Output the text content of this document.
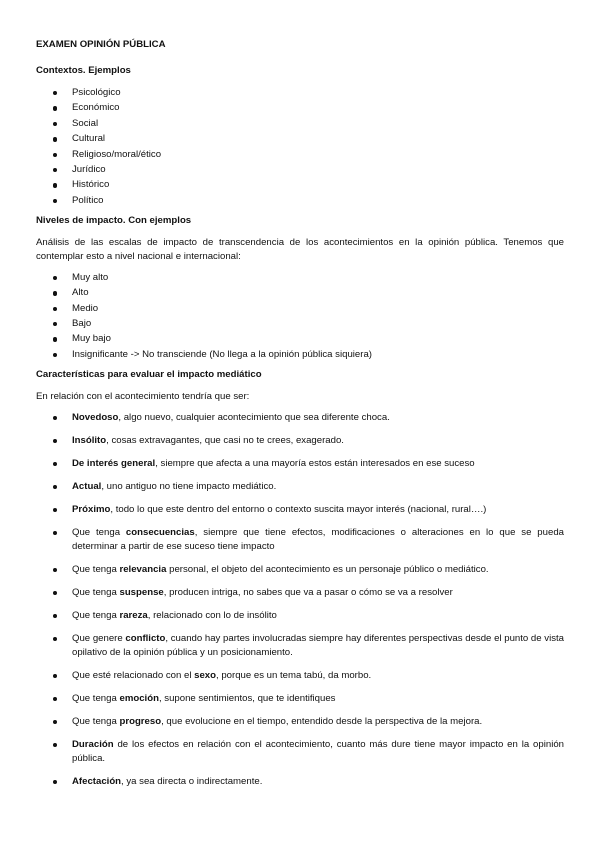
EXAMEN OPINIÓN PÚBLICA

Contextos. Ejemplos

Psicológico
Económico
Social
Cultural
Religioso/moral/ético
Jurídico
Histórico
Político

Niveles de impacto. Con ejemplos

Análisis de las escalas de impacto de transcendencia de los acontecimientos en la opinión pública. Tenemos que contemplar esto a nivel nacional e internacional:

Muy alto
Alto
Medio
Bajo
Muy bajo
Insignificante -> No transciende (No llega a la opinión pública siquiera)

Características para evaluar el impacto mediático

En relación con el acontecimiento tendría que ser:

Novedoso, algo nuevo, cualquier acontecimiento que sea diferente choca.
Insólito, cosas extravagantes, que casi no te crees, exagerado.
De interés general, siempre que afecta a una mayoría estos están interesados en ese suceso
Actual, uno antiguo no tiene impacto mediático.
Próximo, todo lo que este dentro del entorno o contexto suscita mayor interés (nacional, rural….)
Que tenga consecuencias, siempre que tiene efectos, modificaciones o alteraciones en lo que se pueda determinar a partir de ese suceso tiene impacto
Que tenga relevancia personal, el objeto del acontecimiento es un personaje público o mediático.
Que tenga suspense, producen intriga, no sabes que va a pasar o cómo se va a resolver
Que tenga rareza, relacionado con lo de insólito
Que genere conflicto, cuando hay partes involucradas siempre hay diferentes perspectivas desde el punto de vista opilativo de la opinión pública y un posicionamiento.
Que esté relacionado con el sexo, porque es un tema tabú, da morbo.
Que tenga emoción, supone sentimientos, que te identifiques
Que tenga progreso, que evolucione en el tiempo, entendido desde la perspectiva de la mejora.
Duración de los efectos en relación con el acontecimiento, cuanto más dure tiene mayor impacto en la opinión pública.
Afectación, ya sea directa o indirectamente.
